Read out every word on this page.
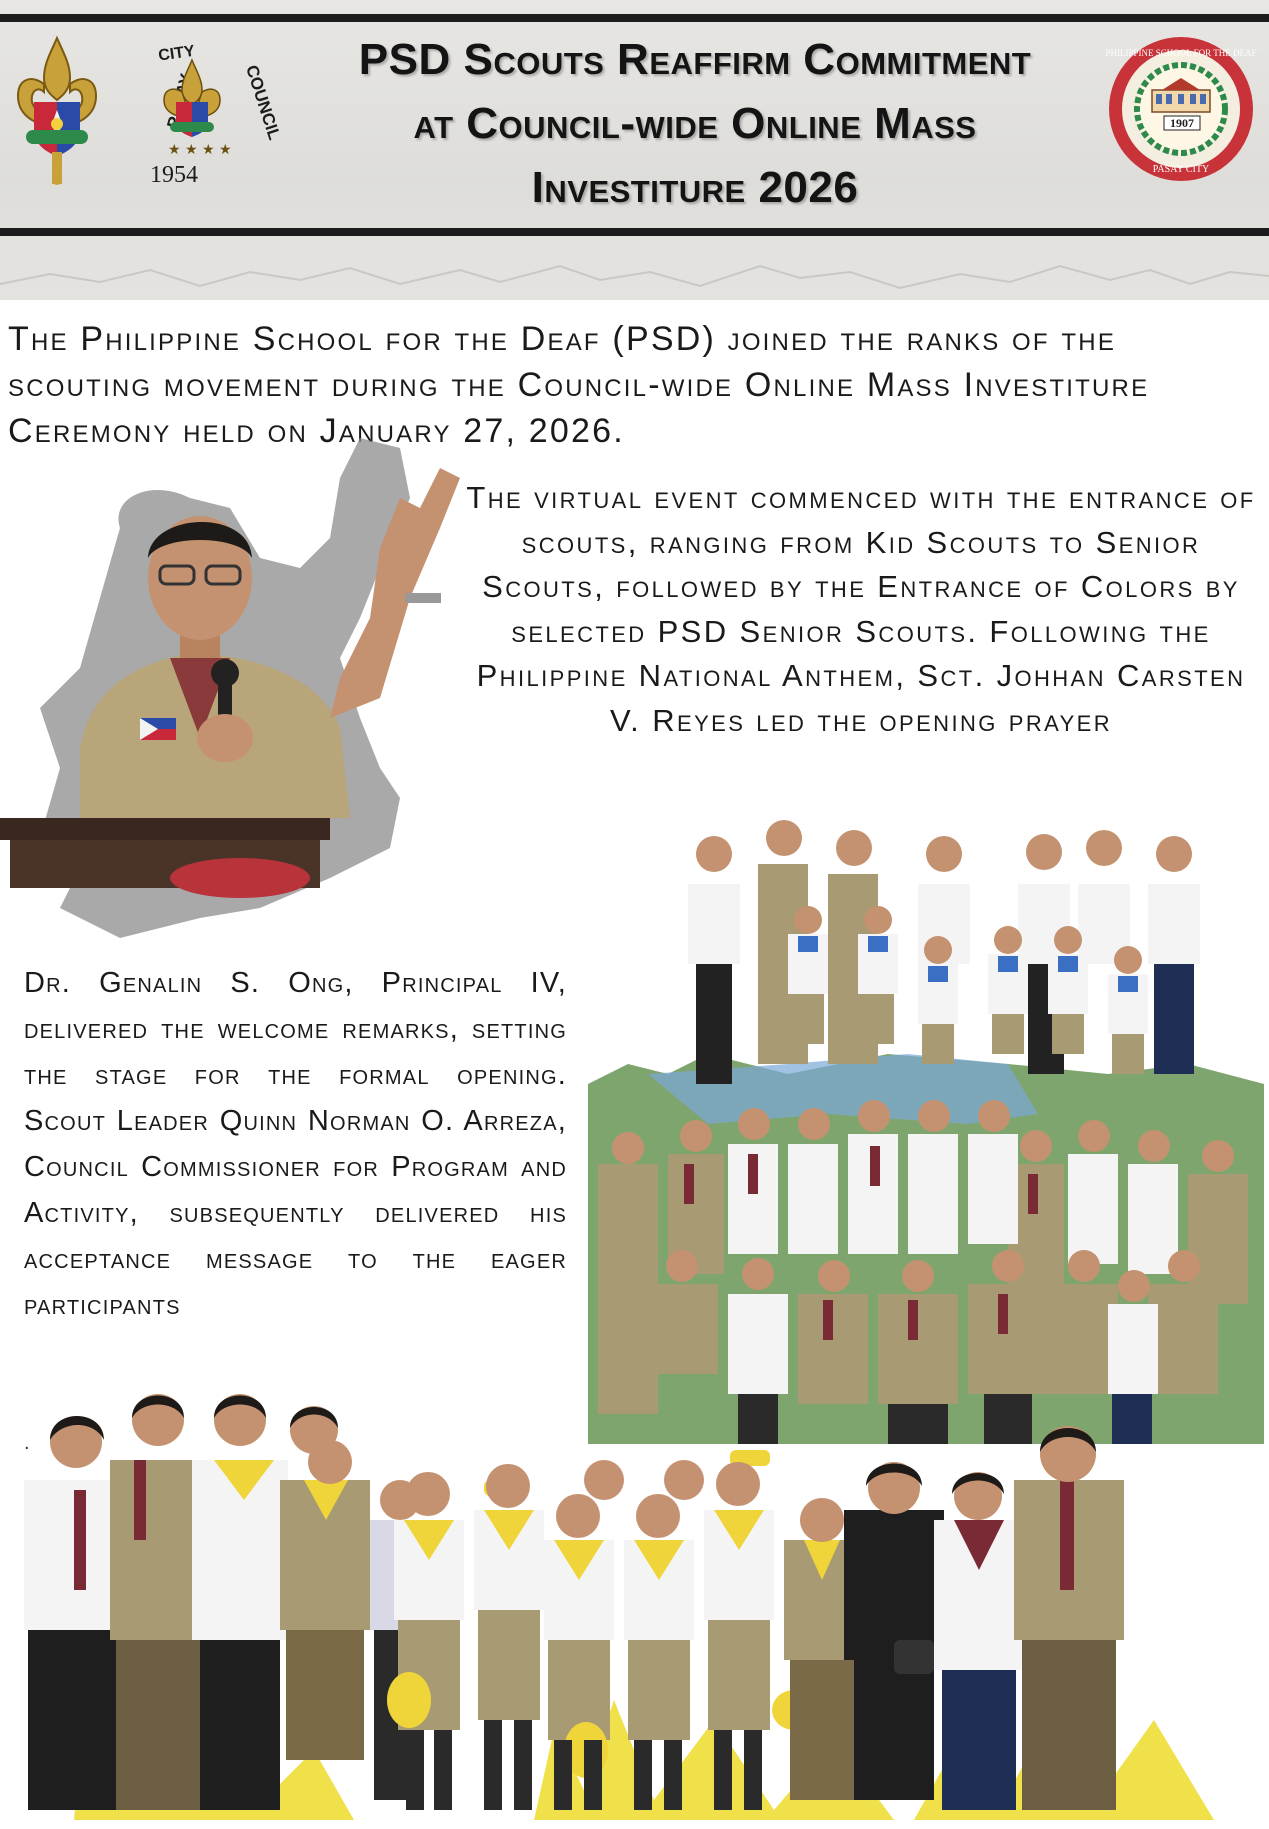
CITY
COUNCIL
★ ★ ★ ★
1954
PSD Scouts Reaffirm Commitment
at Council-wide Online Mass
Investiture 2026
1907
PHILIPPINE SCHOOL FOR THE DEAF
PASAY CITY
The Philippine School for the Deaf (PSD) joined the ranks of the scouting movement during the Council-wide Online Mass Investiture Ceremony held on January 27, 2026.
The virtual event commenced with the entrance of scouts, ranging from Kid Scouts to Senior Scouts, followed by the Entrance of Colors by selected PSD Senior Scouts. Following the Philippine National Anthem, Sct. Johhan Carsten V. Reyes led the opening prayer
Dr. Genalin S. Ong, Principal IV, delivered the welcome remarks, setting the stage for the formal opening. Scout Leader Quinn Norman O. Arreza, Council Commissioner for Program and Activity, subsequently delivered his acceptance message to the eager participants
.
